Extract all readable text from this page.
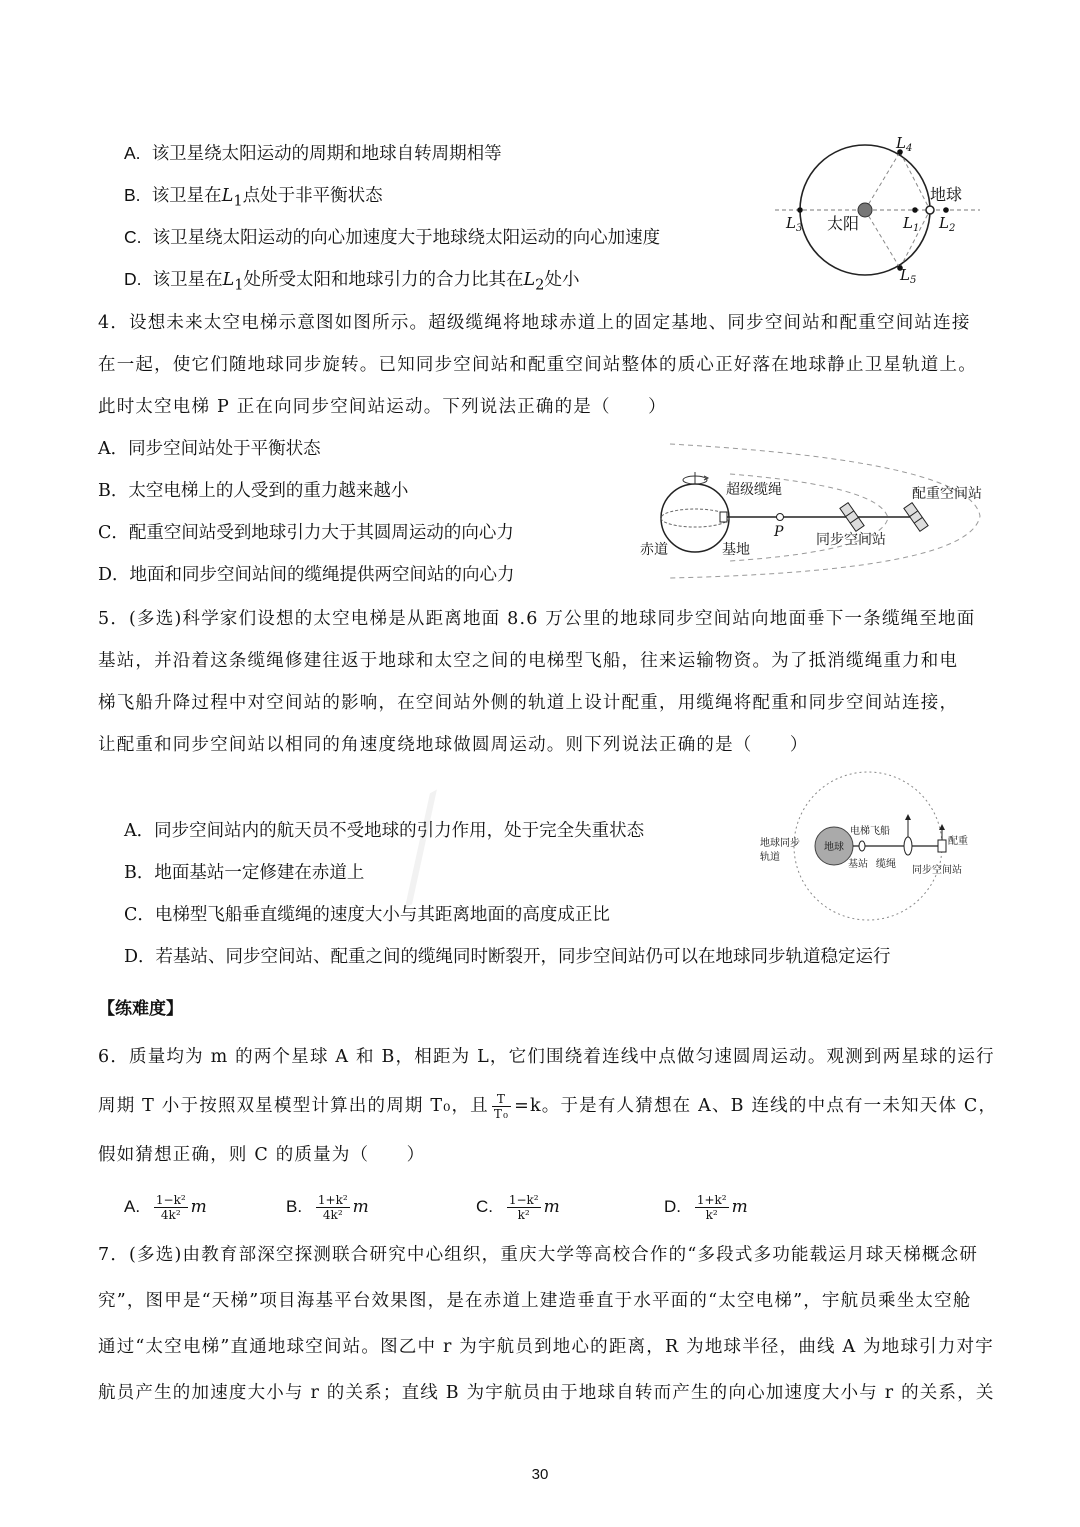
A. 该卫星绕太阳运动的周期和地球自转周期相等
B. 该卫星在$L_1$点处于非平衡状态
C. 该卫星绕太阳运动的向心加速度大于地球绕太阳运动的向心加速度
D. 该卫星在$L_1$处所受太阳和地球引力的合力比其在$L_2$处小
$L_4$
$L_5$
$L_3$	$L_1$ $L_2$
太阳
地球
4．设想未来太空电梯示意图如图所示。超级缆绳将地球赤道上的固定基地、同步空间站和配重空间站连接
在一起，使它们随地球同步旋转。已知同步空间站和配重空间站整体的质心正好落在地球静止卫星轨道上。
此时太空电梯 P 正在向同步空间站运动。下列说法正确的是（　　）
A．同步空间站处于平衡状态
B．太空电梯上的人受到的重力越来越小
C．配重空间站受到地球引力大于其圆周运动的向心力
D．地面和同步空间站间的缆绳提供两空间站的向心力
超级缆绳	配重空间站
赤道	基地
P 同步空间站
5．(多选)科学家们设想的太空电梯是从距离地面 8.6 万公里的地球同步空间站向地面垂下一条缆绳至地面
基站，并沿着这条缆绳修建往返于地球和太空之间的电梯型飞船，往来运输物资。为了抵消缆绳重力和电
梯飞船升降过程中对空间站的影响，在空间站外侧的轨道上设计配重，用缆绳将配重和同步空间站连接，
让配重和同步空间站以相同的角速度绕地球做圆周运动。则下列说法正确的是（　　）
A．同步空间站内的航天员不受地球的引力作用，处于完全失重状态
B．地面基站一定修建在赤道上
C．电梯型飞船垂直缆绳的速度大小与其距离地面的高度成正比
D．若基站、同步空间站、配重之间的缆绳同时断裂开，同步空间站仍可以在地球同步轨道稳定运行
地球同步
轨道
地球
电梯飞船
基站 缆绳
同步空间站
配重
⟋
【练难度】
6．质量均为 m 的两个星球 A 和 B，相距为 L，它们围绕着连线中点做匀速圆周运动。观测到两星球的运行
周期 T 小于按照双星模型计算出的周期 T₀，且 $\frac{T}{\text{T₀}} =k$。于是有人猜想在 A、B 连线的中点有一未知天体 C，
假如猜想正确，则 C 的质量为（　　）
A. $\frac{\text{1−k²}}{\text{4k²}}$ m	B. $\frac{\text{1+k²}}{\text{4k²}}$ m	C. $\frac{\text{1−k²}}{\text{k²}}$ m	D. $\frac{\text{1+k²}}{\text{k²}}$ m
7．(多选)由教育部深空探测联合研究中心组织，重庆大学等高校合作的“多段式多功能载运月球天梯概念研
究”，图甲是“天梯”项目海基平台效果图，是在赤道上建造垂直于水平面的“太空电梯”，宇航员乘坐太空舱
通过“太空电梯”直通地球空间站。图乙中 r 为宇航员到地心的距离，R 为地球半径，曲线 A 为地球引力对宇
航员产生的加速度大小与 r 的关系；直线 B 为宇航员由于地球自转而产生的向心加速度大小与 r 的关系，关
30
